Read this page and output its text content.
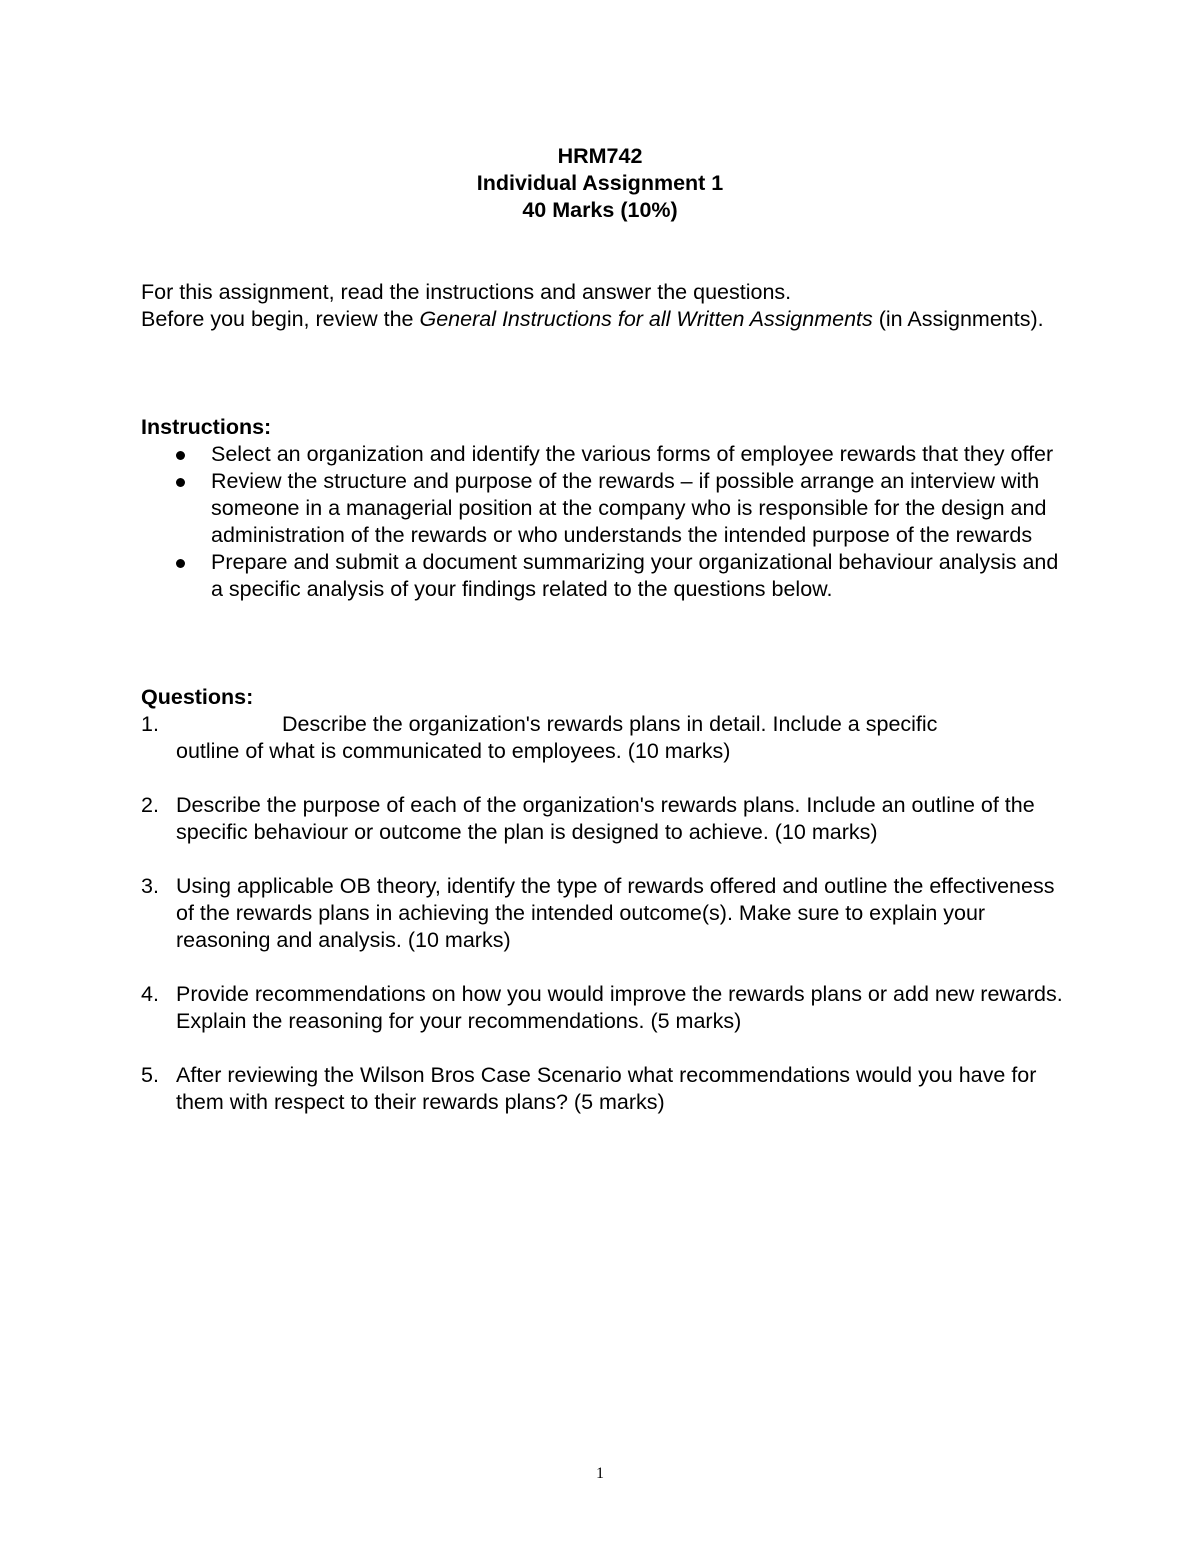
HRM742
Individual Assignment 1
40 Marks (10%)

For this assignment, read the instructions and answer the questions.

Before you begin, review the General Instructions for all Written Assignments (in Assignments).

Instructions:

Select an organization and identify the various forms of employee rewards that they offer
Review the structure and purpose of the rewards – if possible arrange an interview with someone in a managerial position at the company who is responsible for the design and administration of the rewards or who understands the intended purpose of the rewards
Prepare and submit a document summarizing your organizational behaviour analysis and a specific analysis of your findings related to the questions below.

Questions:

1.	Describe the organization's rewards plans in detail. Include a specific
outline of what is communicated to employees. (10 marks)
2. Describe the purpose of each of the organization's rewards plans. Include an outline of the specific behaviour or outcome the plan is designed to achieve. (10 marks)
3. Using applicable OB theory, identify the type of rewards offered and outline the effectiveness of the rewards plans in achieving the intended outcome(s). Make sure to explain your reasoning and analysis. (10 marks)
4. Provide recommendations on how you would improve the rewards plans or add new rewards. Explain the reasoning for your recommendations. (5 marks)
5. After reviewing the Wilson Bros Case Scenario what recommendations would you have for them with respect to their rewards plans? (5 marks)
1
